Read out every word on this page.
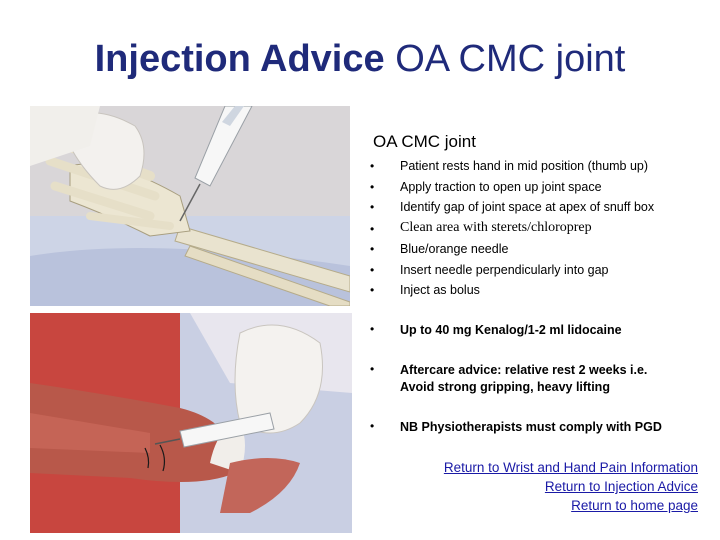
Injection Advice OA CMC joint
OA CMC joint
• Patient rests hand in mid position (thumb up)
• Apply traction to open up joint space
• Identify gap of joint space at apex of snuff box
• Clean area with sterets/chloroprep
• Blue/orange needle
• Insert needle perpendicularly into gap
• Inject as bolus
• Up to 40 mg Kenalog/1-2 ml lidocaine
• Aftercare advice: relative rest 2 weeks i.e.
Avoid strong gripping, heavy lifting
• NB Physiotherapists must comply with PGD
Return to Wrist and Hand Pain Information
Return to Injection Advice
Return to home page
